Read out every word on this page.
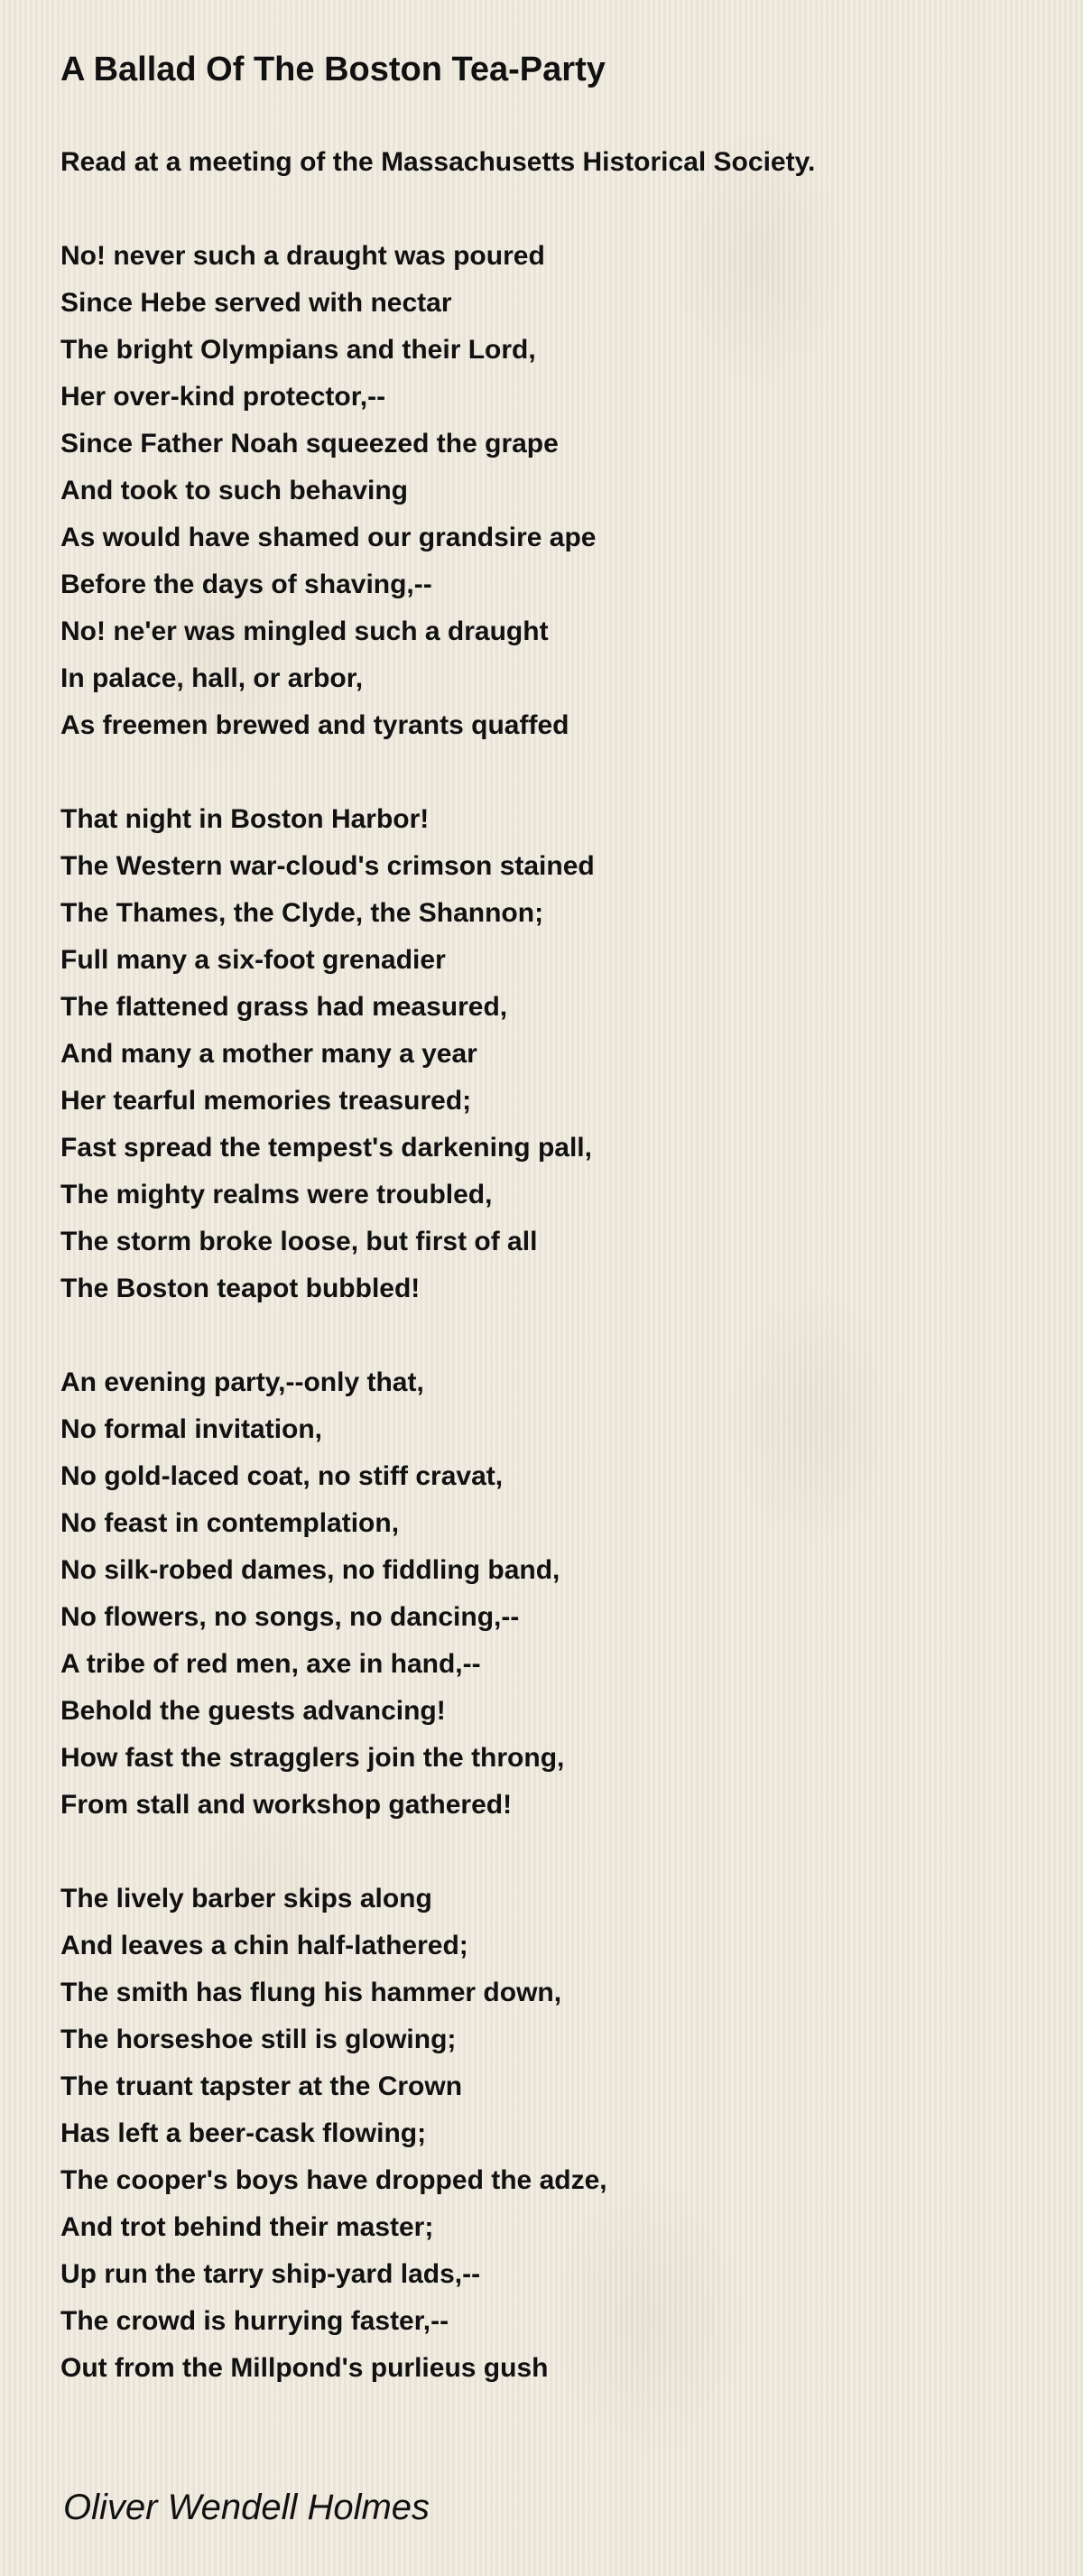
A Ballad Of The Boston Tea-Party

Read at a meeting of the Massachusetts Historical Society.

No! never such a draught was poured
Since Hebe served with nectar
The bright Olympians and their Lord,
Her over-kind protector,--
Since Father Noah squeezed the grape
And took to such behaving
As would have shamed our grandsire ape
Before the days of shaving,--
No! ne'er was mingled such a draught
In palace, hall, or arbor,
As freemen brewed and tyrants quaffed
That night in Boston Harbor!
The Western war-cloud's crimson stained
The Thames, the Clyde, the Shannon;
Full many a six-foot grenadier
The flattened grass had measured,
And many a mother many a year
Her tearful memories treasured;
Fast spread the tempest's darkening pall,
The mighty realms were troubled,
The storm broke loose, but first of all
The Boston teapot bubbled!
An evening party,--only that,
No formal invitation,
No gold-laced coat, no stiff cravat,
No feast in contemplation,
No silk-robed dames, no fiddling band,
No flowers, no songs, no dancing,--
A tribe of red men, axe in hand,--
Behold the guests advancing!
How fast the stragglers join the throng,
From stall and workshop gathered!
The lively barber skips along
And leaves a chin half-lathered;
The smith has flung his hammer down,
The horseshoe still is glowing;
The truant tapster at the Crown
Has left a beer-cask flowing;
The cooper's boys have dropped the adze,
And trot behind their master;
Up run the tarry ship-yard lads,--
The crowd is hurrying faster,--
Out from the Millpond's purlieus gush
Oliver Wendell Holmes
